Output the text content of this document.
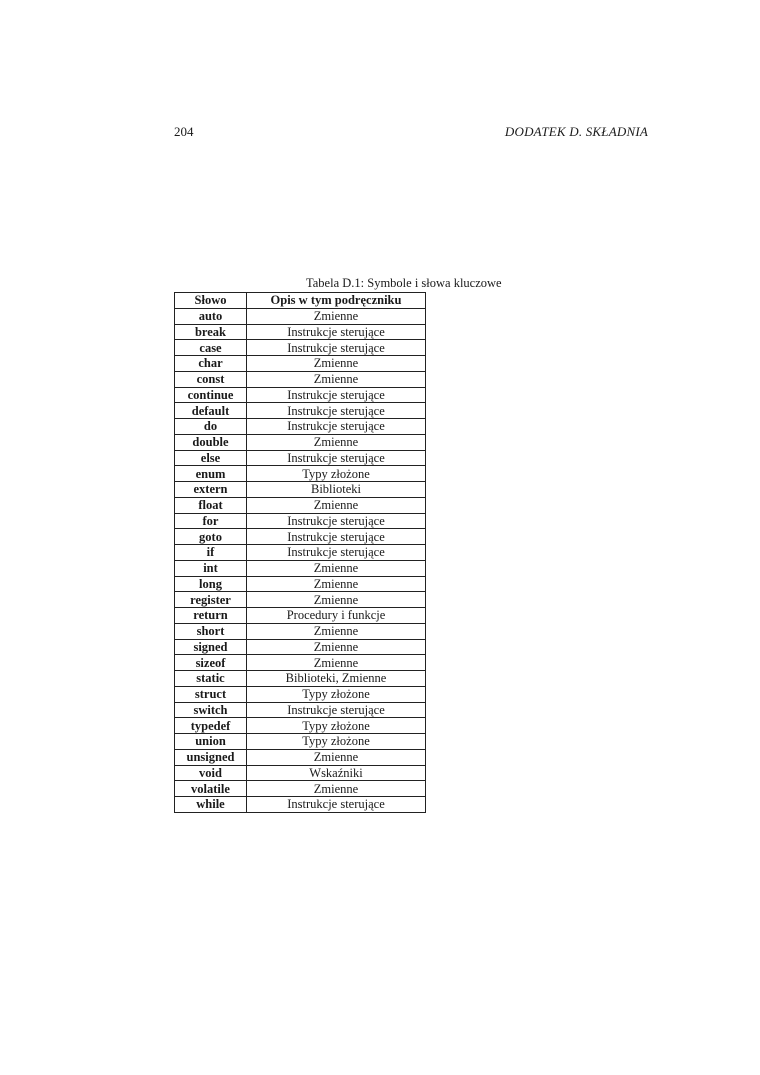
204	DODATEK D. SKŁADNIA
Tabela D.1: Symbole i słowa kluczowe
Słowo	Opis w tym podręczniku
auto	Zmienne
break	Instrukcje sterujące
case	Instrukcje sterujące
char	Zmienne
const	Zmienne
continue	Instrukcje sterujące
default	Instrukcje sterujące
do	Instrukcje sterujące
double	Zmienne
else	Instrukcje sterujące
enum	Typy złożone
extern	Biblioteki
float	Zmienne
for	Instrukcje sterujące
goto	Instrukcje sterujące
if	Instrukcje sterujące
int	Zmienne
long	Zmienne
register	Zmienne
return	Procedury i funkcje
short	Zmienne
signed	Zmienne
sizeof	Zmienne
static	Biblioteki, Zmienne
struct	Typy złożone
switch	Instrukcje sterujące
typedef	Typy złożone
union	Typy złożone
unsigned	Zmienne
void	Wskaźniki
volatile	Zmienne
while	Instrukcje sterujące
